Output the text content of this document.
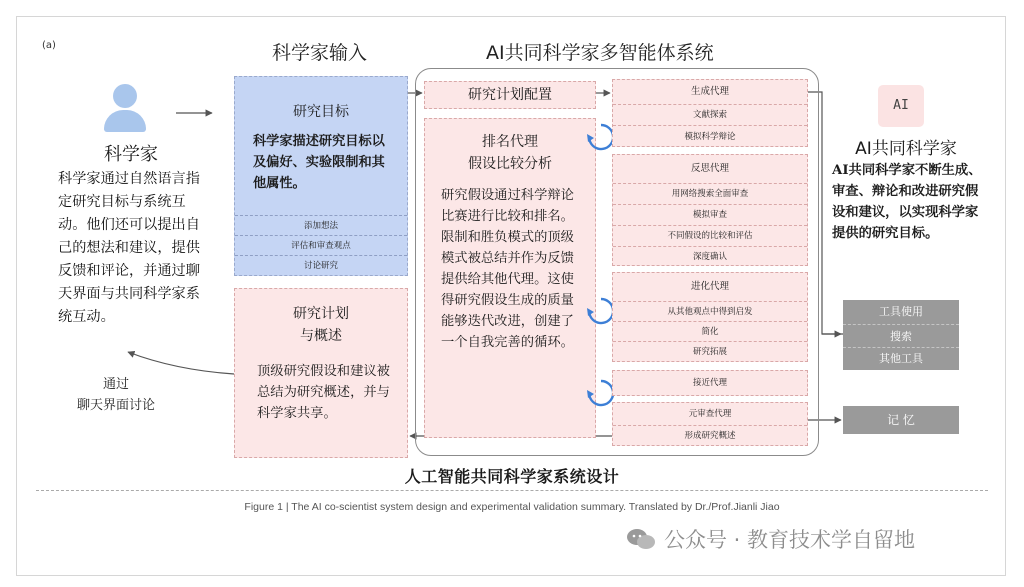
(a)	科学家输入	AI共同科学家多智能体系统
科学家
科学家通过自然语言指定研究目标与系统互动。他们还可以提出自己的想法和建议，提供反馈和评论，并通过聊天界面与共同科学家系统互动。
通过
聊天界面讨论
研究目标
科学家描述研究目标以及偏好、实验限制和其他属性。
添加想法
评估和审查观点
讨论研究
研究计划
与概述
顶级研究假设和建议被总结为研究概述，并与科学家共享。
研究计划配置
排名代理
假设比较分析
研究假设通过科学辩论比赛进行比较和排名。限制和胜负模式的顶级模式被总结并作为反馈提供给其他代理。这使得研究假设生成的质量能够迭代改进，创建了一个自我完善的循环。
生成代理
文献探索
模拟科学辩论
反思代理
用网络搜索全面审查
模拟审查
不同假设的比较和评估
深度确认
进化代理
从其他观点中得到启发
简化
研究拓展
接近代理
元审查代理
形成研究概述
AI
AI共同科学家
AI共同科学家不断生成、审查、辩论和改进研究假设和建议，以实现科学家提供的研究目标。
工具使用
搜索
其他工具
记 忆
人工智能共同科学家系统设计
Figure 1 | The AI co-scientist system design and experimental validation summary. Translated by Dr./Prof.Jianli Jiao
公众号 · 教育技术学自留地
